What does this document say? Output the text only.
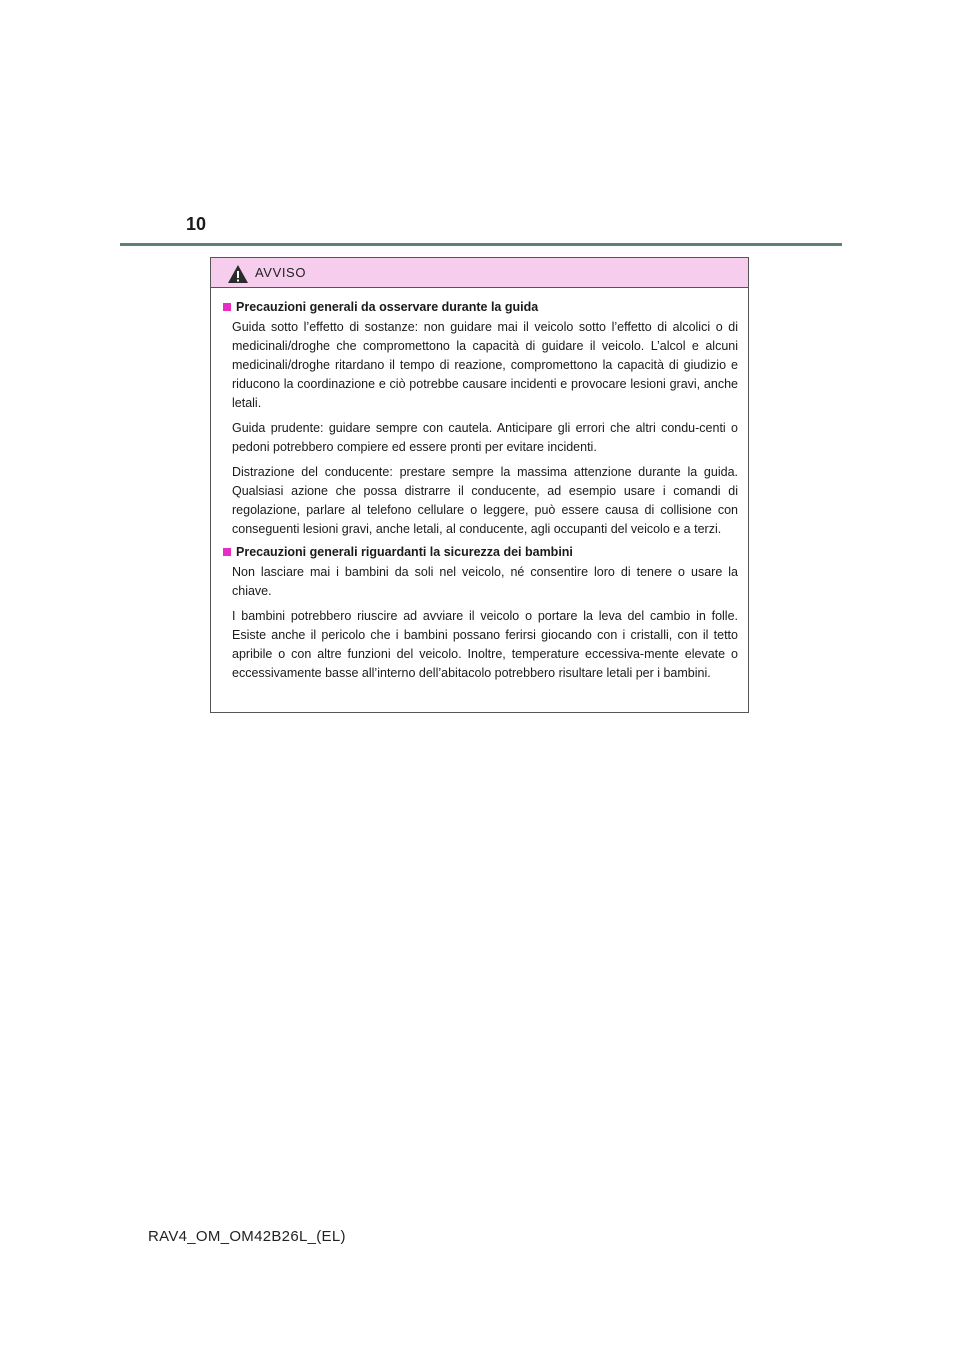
10
AVVISO
Precauzioni generali da osservare durante la guida

Guida sotto l’effetto di sostanze: non guidare mai il veicolo sotto l’effetto di alcolici o di medicinali/droghe che compromettono la capacità di guidare il veicolo. L’alcol e alcuni medicinali/droghe ritardano il tempo di reazione, compromettono la capacità di giudizio e riducono la coordinazione e ciò potrebbe causare incidenti e provocare lesioni gravi, anche letali.

Guida prudente: guidare sempre con cautela. Anticipare gli errori che altri condu-centi o pedoni potrebbero compiere ed essere pronti per evitare incidenti.

Distrazione del conducente: prestare sempre la massima attenzione durante la guida. Qualsiasi azione che possa distrarre il conducente, ad esempio usare i comandi di regolazione, parlare al telefono cellulare o leggere, può essere causa di collisione con conseguenti lesioni gravi, anche letali, al conducente, agli occupanti del veicolo e a terzi.

Precauzioni generali riguardanti la sicurezza dei bambini

Non lasciare mai i bambini da soli nel veicolo, né consentire loro di tenere o usare la chiave.

I bambini potrebbero riuscire ad avviare il veicolo o portare la leva del cambio in folle. Esiste anche il pericolo che i bambini possano ferirsi giocando con i cristalli, con il tetto apribile o con altre funzioni del veicolo. Inoltre, temperature eccessiva-mente elevate o eccessivamente basse all’interno dell’abitacolo potrebbero risultare letali per i bambini.

RAV4_OM_OM42B26L_(EL)
